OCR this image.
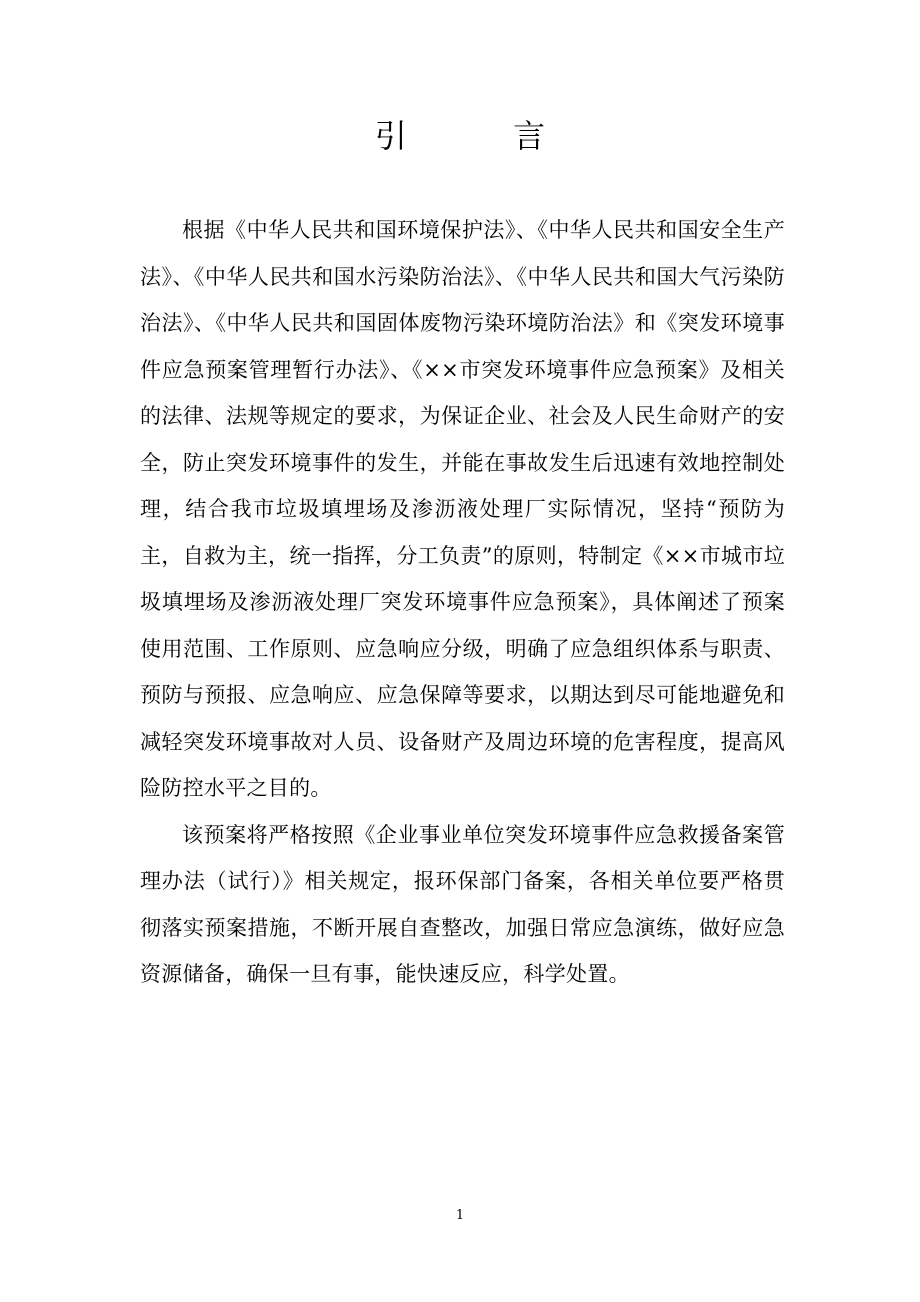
引 言

根据《中华人民共和国环境保护法》、《中华人民共和国安全生产法》、《中华人民共和国水污染防治法》、《中华人民共和国大气污染防治法》、《中华人民共和国固体废物污染环境防治法》和《突发环境事件应急预案管理暂行办法》、《××市突发环境事件应急预案》及相关的法律、法规等规定的要求，为保证企业、社会及人民生命财产的安全，防止突发环境事件的发生，并能在事故发生后迅速有效地控制处理，结合我市垃圾填埋场及渗沥液处理厂实际情况，坚持“预防为主，自救为主，统一指挥，分工负责”的原则，特制定《××市城市垃圾填埋场及渗沥液处理厂突发环境事件应急预案》，具体阐述了预案使用范围、工作原则、应急响应分级，明确了应急组织体系与职责、预防与预报、应急响应、应急保障等要求，以期达到尽可能地避免和减轻突发环境事故对人员、设备财产及周边环境的危害程度，提高风险防控水平之目的。

该预案将严格按照《企业事业单位突发环境事件应急救援备案管理办法（试行）》相关规定，报环保部门备案，各相关单位要严格贯彻落实预案措施，不断开展自查整改，加强日常应急演练，做好应急资源储备，确保一旦有事，能快速反应，科学处置。

1
